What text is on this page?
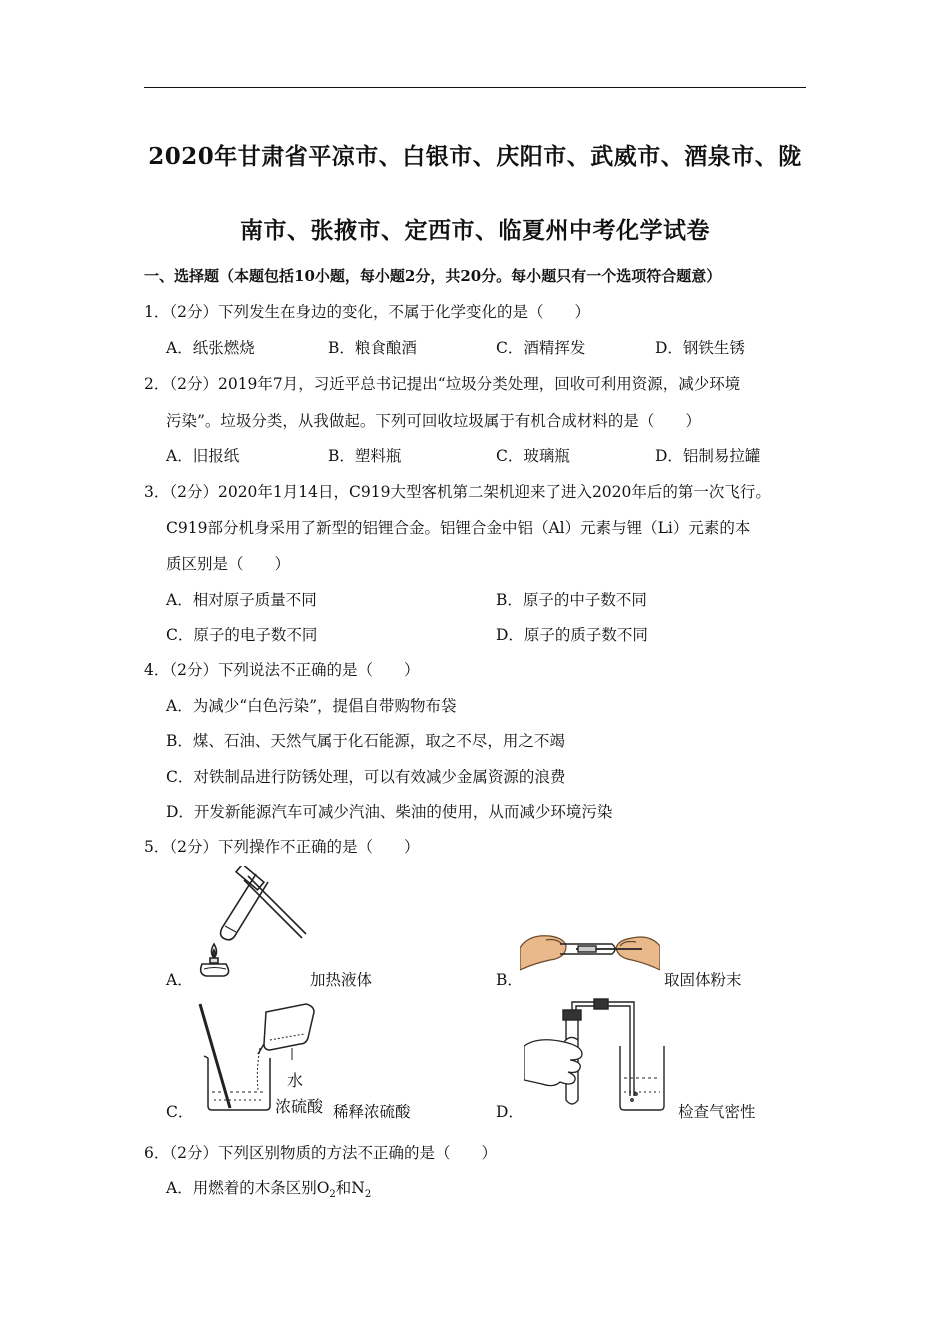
2020年甘肃省平凉市、白银市、庆阳市、武威市、酒泉市、陇
南市、张掖市、定西市、临夏州中考化学试卷
一、选择题（本题包括10小题，每小题2分，共20分。每小题只有一个选项符合题意）
1．（2分）下列发生在身边的变化，不属于化学变化的是（　　）
A．纸张燃烧	B．粮食酿酒	C．酒精挥发	D．钢铁生锈
2．（2分）2019年7月，习近平总书记提出“垃圾分类处理，回收可利用资源，减少环境
污染”。垃圾分类，从我做起。下列可回收垃圾属于有机合成材料的是（　　）
A．旧报纸	B．塑料瓶	C．玻璃瓶	D．铝制易拉罐
3．（2分）2020年1月14日，C919大型客机第二架机迎来了进入2020年后的第一次飞行。
C919部分机身采用了新型的铝锂合金。铝锂合金中铝（Al）元素与锂（Li）元素的本
质区别是（　　）
A．相对原子质量不同	B．原子的中子数不同
C．原子的电子数不同	D．原子的质子数不同
4．（2分）下列说法不正确的是（　　）
A．为减少“白色污染”，提倡自带购物布袋
B．煤、石油、天然气属于化石能源，取之不尽，用之不竭
C．对铁制品进行防锈处理，可以有效减少金属资源的浪费
D．开发新能源汽车可减少汽油、柴油的使用，从而减少环境污染
5．（2分）下列操作不正确的是（　　）
A．	加热液体	B．	取固体粉末
水
浓硫酸
C．	稀释浓硫酸	D．	检查气密性
6．（2分）下列区别物质的方法不正确的是（　　）
A．用燃着的木条区别$O_2$和$N_2$
